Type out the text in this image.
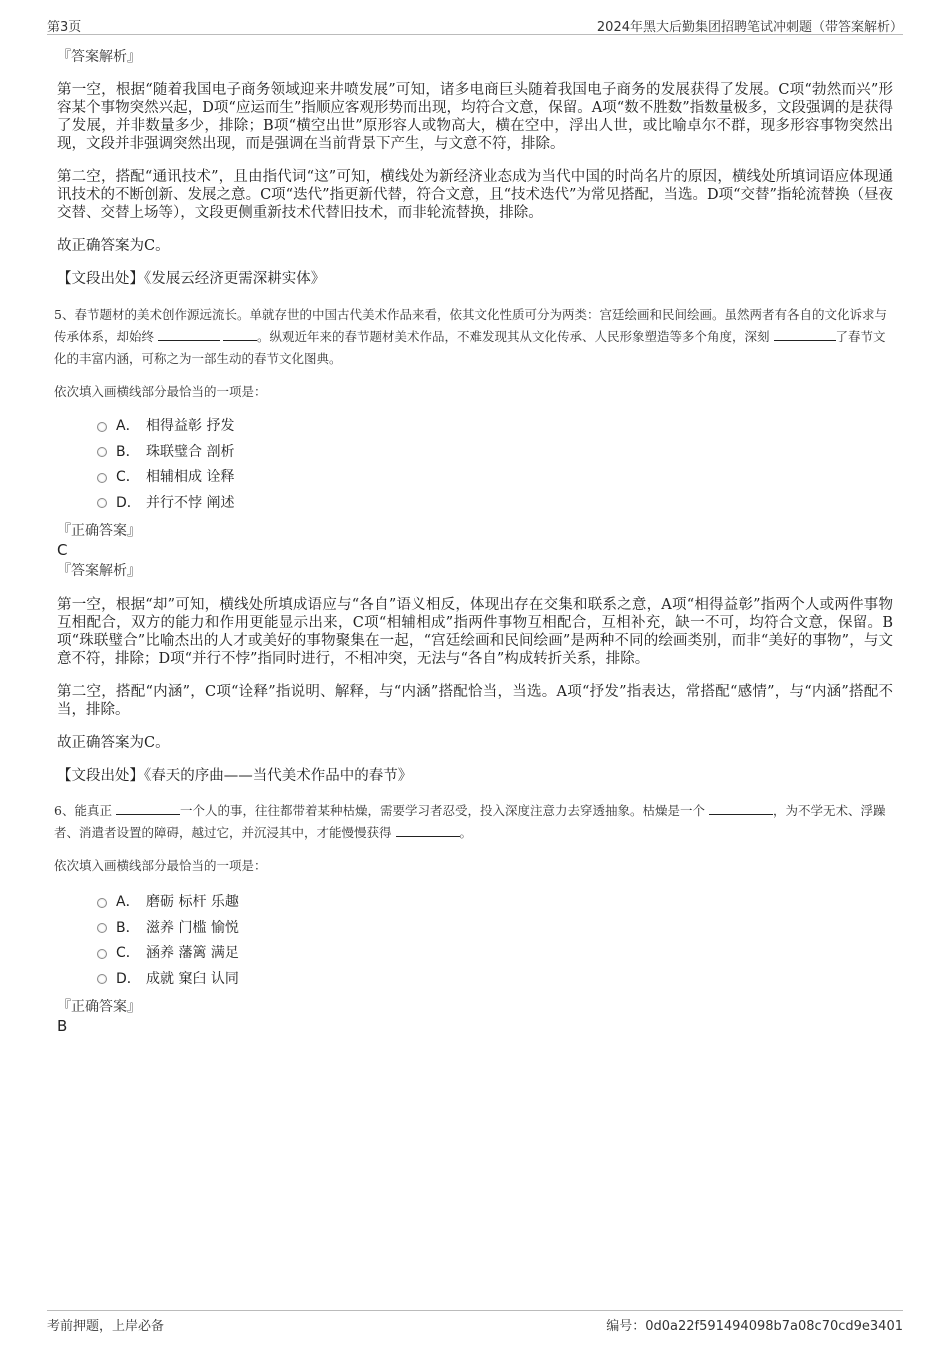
第3页	2024年黑大后勤集团招聘笔试冲刺题（带答案解析）

『答案解析』

第一空，根据“随着我国电子商务领域迎来井喷发展”可知，诸多电商巨头随着我国电子商务的发展获得了发展。C项“勃然而兴”形容某个事物突然兴起，D项“应运而生”指顺应客观形势而出现，均符合文意，保留。A项“数不胜数”指数量极多，文段强调的是获得了发展，并非数量多少，排除；B项“横空出世”原形容人或物高大，横在空中，浮出人世，或比喻卓尔不群，现多形容事物突然出现，文段并非强调突然出现，而是强调在当前背景下产生，与文意不符，排除。

第二空，搭配“通讯技术”，且由指代词“这”可知，横线处为新经济业态成为当代中国的时尚名片的原因，横线处所填词语应体现通讯技术的不断创新、发展之意。C项“迭代”指更新代替，符合文意，且“技术迭代”为常见搭配，当选。D项“交替”指轮流替换（昼夜交替、交替上场等），文段更侧重新技术代替旧技术，而非轮流替换，排除。

故正确答案为C。

【文段出处】《发展云经济更需深耕实体》

5、春节题材的美术创作源远流长。单就存世的中国古代美术作品来看，依其文化性质可分为两类：宫廷绘画和民间绘画。虽然两者有各自的文化诉求与传承体系，却始终	。纵观近年来的春节题材美术作品，不难发现其从文化传承、人民形象塑造等多个角度，深刻	了春节文化的丰富内涵，可称之为一部生动的春节文化图典。

依次填入画横线部分最恰当的一项是：

A． 相得益彰 抒发
B． 珠联璧合 剖析
C． 相辅相成 诠释
D． 并行不悖 阐述

『正确答案』

C

『答案解析』

第一空，根据“却”可知，横线处所填成语应与“各自”语义相反，体现出存在交集和联系之意，A项“相得益彰”指两个人或两件事物互相配合，双方的能力和作用更能显示出来，C项“相辅相成”指两件事物互相配合，互相补充，缺一不可，均符合文意，保留。B项“珠联璧合”比喻杰出的人才或美好的事物聚集在一起，“宫廷绘画和民间绘画”是两种不同的绘画类别，而非“美好的事物”，与文意不符，排除；D项“并行不悖”指同时进行，不相冲突，无法与“各自”构成转折关系，排除。

第二空，搭配“内涵”，C项“诠释”指说明、解释，与“内涵”搭配恰当，当选。A项“抒发”指表达，常搭配“感情”，与“内涵”搭配不当，排除。

故正确答案为C。

【文段出处】《春天的序曲——当代美术作品中的春节》

6、能真正	一个人的事，往往都带着某种枯燥，需要学习者忍受，投入深度注意力去穿透抽象。枯燥是一个	，为不学无术、浮躁者、消遣者设置的障碍，越过它，并沉浸其中，才能慢慢获得	。

依次填入画横线部分最恰当的一项是：

A． 磨砺 标杆 乐趣
B． 滋养 门槛 愉悦
C． 涵养 藩篱 满足
D． 成就 窠臼 认同

『正确答案』

B

考前押题，上岸必备	编号：0d0a22f591494098b7a08c70cd9e3401
